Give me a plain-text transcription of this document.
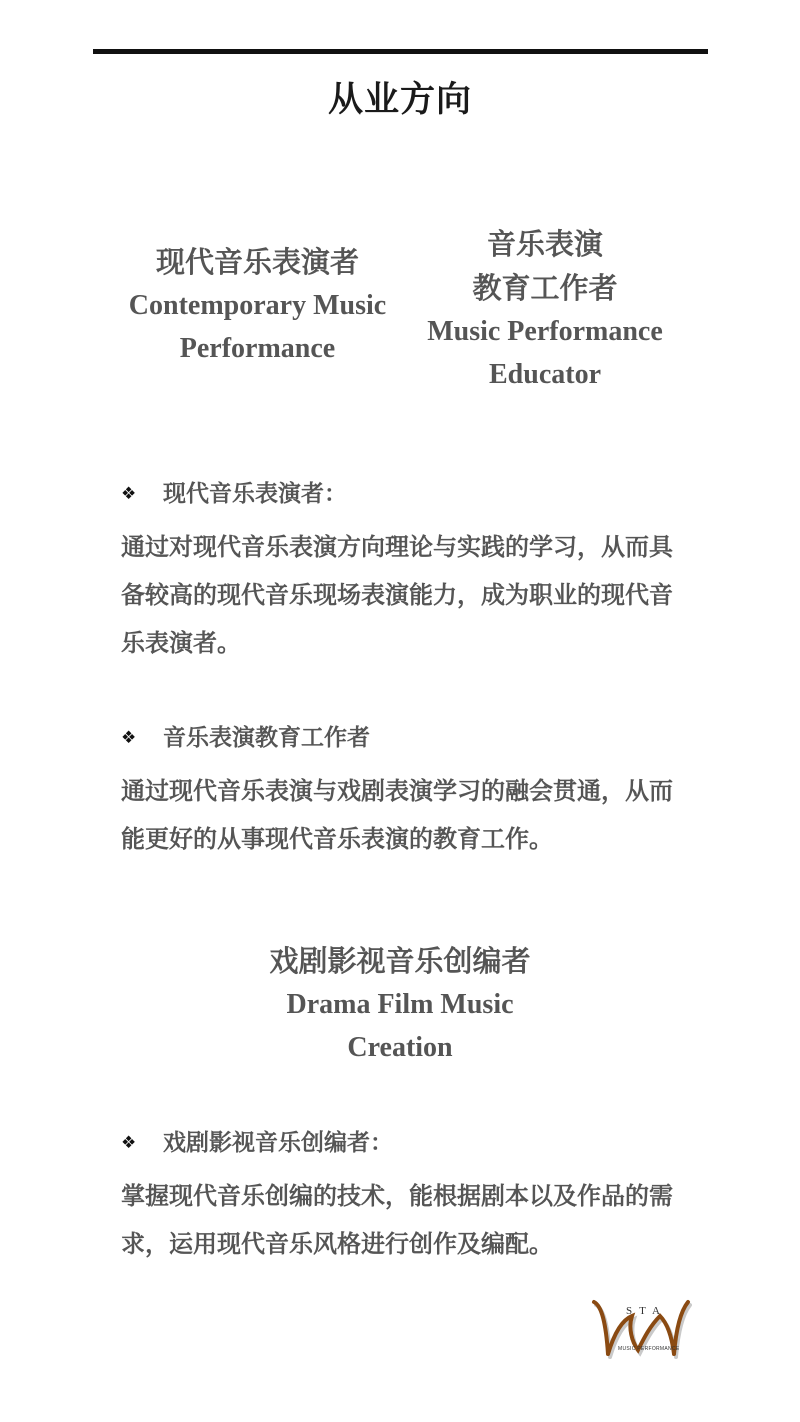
从业方向
现代音乐表演者
Contemporary Music
Performance
音乐表演
教育工作者
Music Performance
Educator
❖	现代音乐表演者：
通过对现代音乐表演方向理论与实践的学习，从而具备较高的现代音乐现场表演能力，成为职业的现代音乐表演者。
❖	音乐表演教育工作者
通过现代音乐表演与戏剧表演学习的融会贯通，从而能更好的从事现代音乐表演的教育工作。
戏剧影视音乐创编者
Drama Film Music
Creation
❖	戏剧影视音乐创编者：
掌握现代音乐创编的技术，能根据剧本以及作品的需求，运用现代音乐风格进行创作及编配。
STA
MUSIC PERFORMANCE
